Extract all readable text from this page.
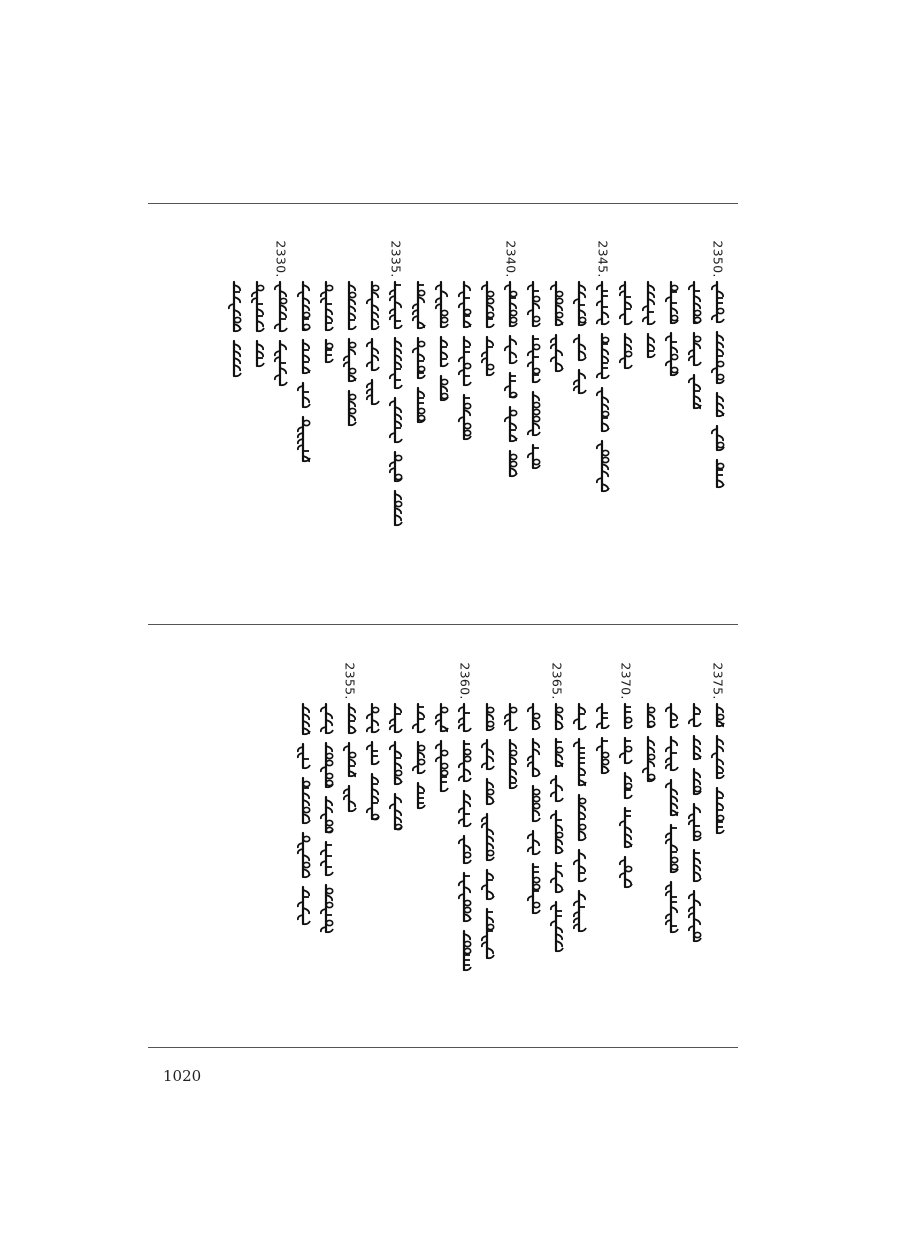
2350.
2345.
2340.
2335.
2330.
2375.
2370.
2365.
2360.
2355.
1020
